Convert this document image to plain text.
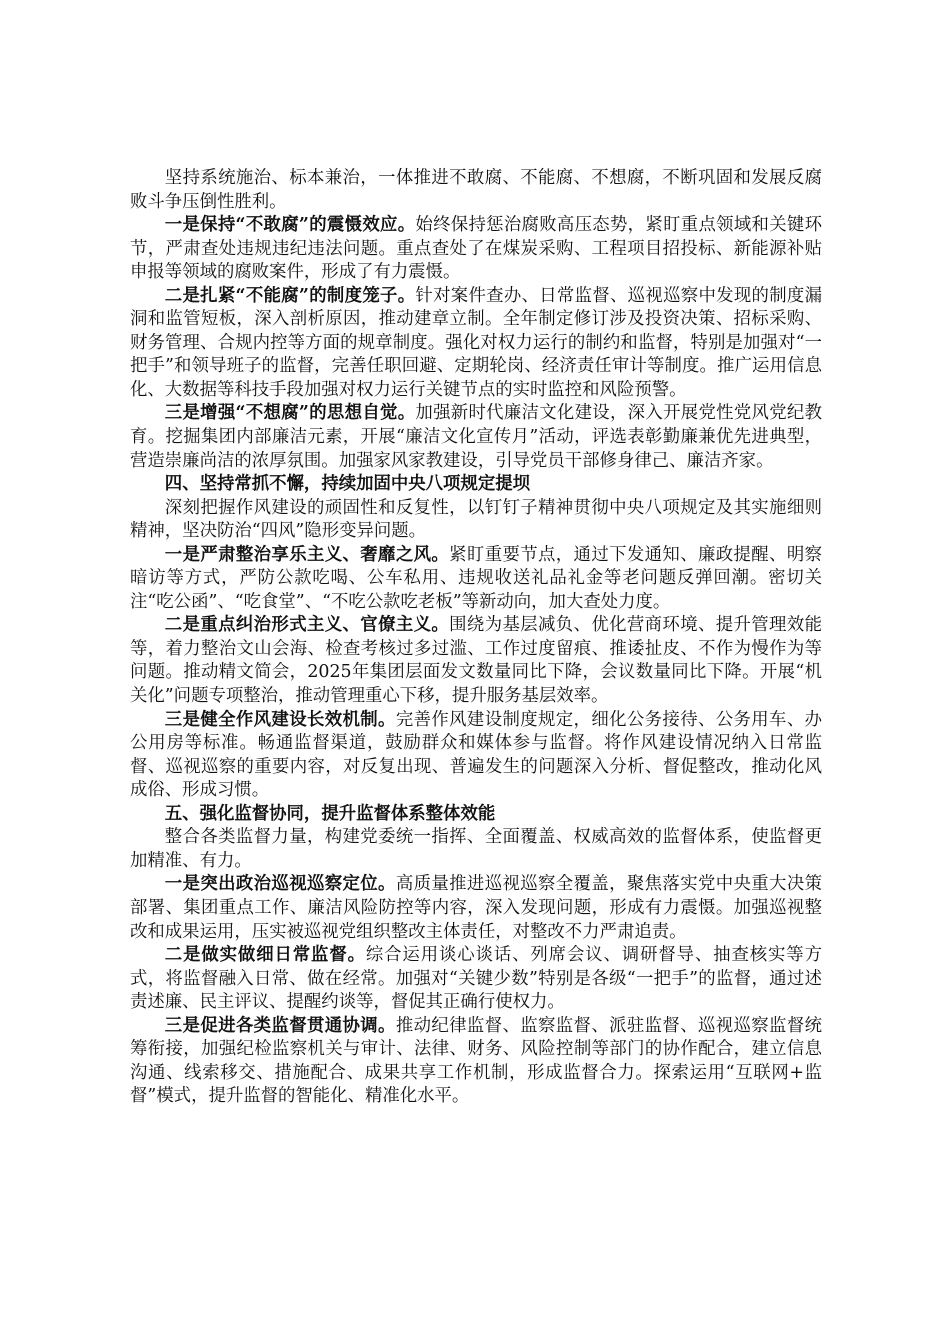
坚持系统施治、标本兼治，一体推进不敢腐、不能腐、不想腐，不断巩固和发展反腐败斗争压倒性胜利。

一是保持“不敢腐”的震慑效应。始终保持惩治腐败高压态势，紧盯重点领域和关键环节，严肃查处违规违纪违法问题。重点查处了在煤炭采购、工程项目招投标、新能源补贴申报等领域的腐败案件，形成了有力震慑。

二是扎紧“不能腐”的制度笼子。针对案件查办、日常监督、巡视巡察中发现的制度漏洞和监管短板，深入剖析原因，推动建章立制。全年制定修订涉及投资决策、招标采购、财务管理、合规内控等方面的规章制度。强化对权力运行的制约和监督，特别是加强对“一把手”和领导班子的监督，完善任职回避、定期轮岗、经济责任审计等制度。推广运用信息化、大数据等科技手段加强对权力运行关键节点的实时监控和风险预警。

三是增强“不想腐”的思想自觉。加强新时代廉洁文化建设，深入开展党性党风党纪教育。挖掘集团内部廉洁元素，开展“廉洁文化宣传月”活动，评选表彰勤廉兼优先进典型，营造崇廉尚洁的浓厚氛围。加强家风家教建设，引导党员干部修身律己、廉洁齐家。

四、坚持常抓不懈，持续加固中央八项规定提坝

深刻把握作风建设的顽固性和反复性，以钉钉子精神贯彻中央八项规定及其实施细则精神，坚决防治“四风”隐形变异问题。

一是严肃整治享乐主义、奢靡之风。紧盯重要节点，通过下发通知、廉政提醒、明察暗访等方式，严防公款吃喝、公车私用、违规收送礼品礼金等老问题反弹回潮。密切关注“吃公函”、“吃食堂”、“不吃公款吃老板”等新动向，加大查处力度。

二是重点纠治形式主义、官僚主义。围绕为基层减负、优化营商环境、提升管理效能等，着力整治文山会海、检查考核过多过滥、工作过度留痕、推诿扯皮、不作为慢作为等问题。推动精文简会，2025年集团层面发文数量同比下降，会议数量同比下降。开展“机关化”问题专项整治，推动管理重心下移，提升服务基层效率。

三是健全作风建设长效机制。完善作风建设制度规定，细化公务接待、公务用车、办公用房等标准。畅通监督渠道，鼓励群众和媒体参与监督。将作风建设情况纳入日常监督、巡视巡察的重要内容，对反复出现、普遍发生的问题深入分析、督促整改，推动化风成俗、形成习惯。

五、强化监督协同，提升监督体系整体效能

整合各类监督力量，构建党委统一指挥、全面覆盖、权威高效的监督体系，使监督更加精准、有力。

一是突出政治巡视巡察定位。高质量推进巡视巡察全覆盖，聚焦落实党中央重大决策部署、集团重点工作、廉洁风险防控等内容，深入发现问题，形成有力震慑。加强巡视整改和成果运用，压实被巡视党组织整改主体责任，对整改不力严肃追责。

二是做实做细日常监督。综合运用谈心谈话、列席会议、调研督导、抽查核实等方式，将监督融入日常、做在经常。加强对“关键少数”特别是各级“一把手”的监督，通过述责述廉、民主评议、提醒约谈等，督促其正确行使权力。

三是促进各类监督贯通协调。推动纪律监督、监察监督、派驻监督、巡视巡察监督统筹衔接，加强纪检监察机关与审计、法律、财务、风险控制等部门的协作配合，建立信息沟通、线索移交、措施配合、成果共享工作机制，形成监督合力。探索运用“互联网+监督”模式，提升监督的智能化、精准化水平。
